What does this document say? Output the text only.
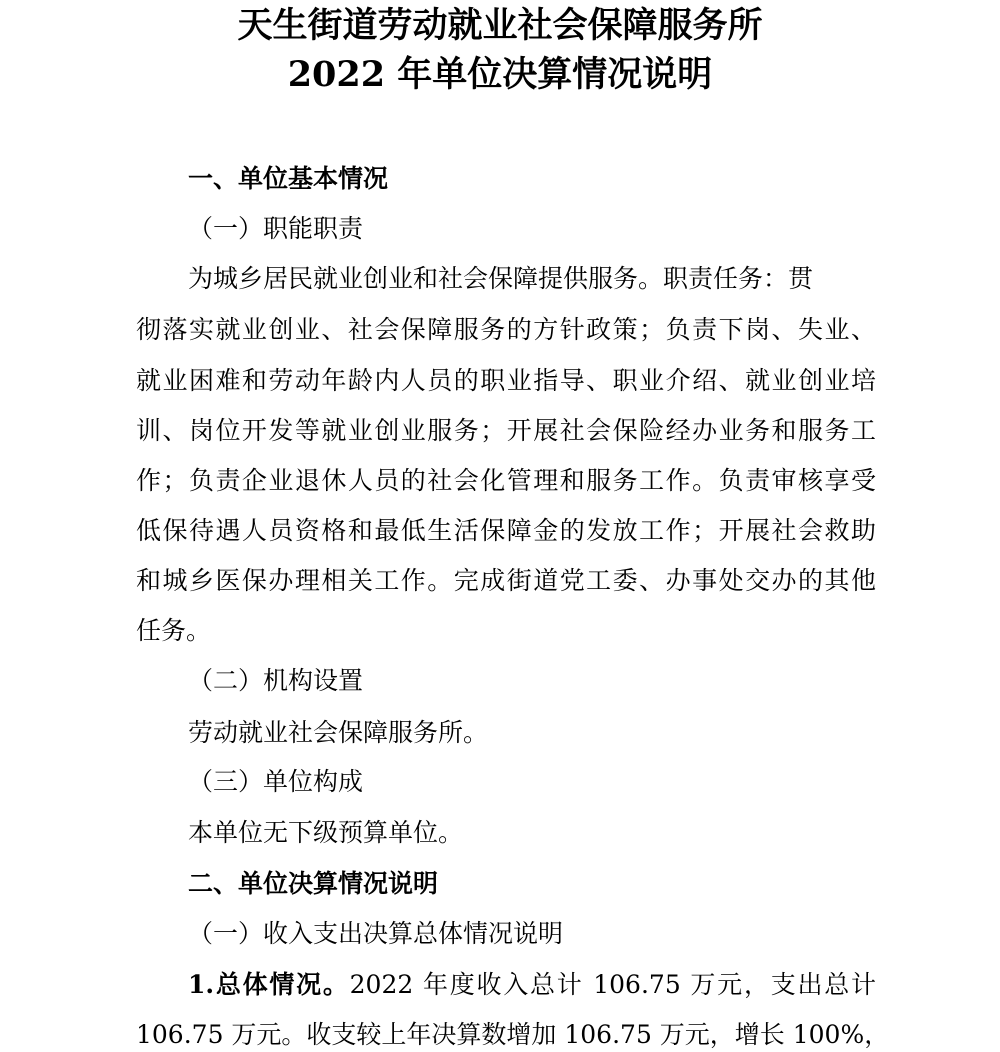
天生街道劳动就业社会保障服务所
2022 年单位决算情况说明
一、单位基本情况
（一）职能职责
为城乡居民就业创业和社会保障提供服务。职责任务：贯
彻落实就业创业、社会保障服务的方针政策；负责下岗、失业、
就业困难和劳动年龄内人员的职业指导、职业介绍、就业创业培
训、岗位开发等就业创业服务；开展社会保险经办业务和服务工
作；负责企业退休人员的社会化管理和服务工作。负责审核享受
低保待遇人员资格和最低生活保障金的发放工作；开展社会救助
和城乡医保办理相关工作。完成街道党工委、办事处交办的其他
任务。
（二）机构设置
劳动就业社会保障服务所。
（三）单位构成
本单位无下级预算单位。
二、单位决算情况说明
（一）收入支出决算总体情况说明
1.总体情况。2022 年度收入总计 106.75 万元，支出总计
106.75 万元。收支较上年决算数增加 106.75 万元，增长 100%，
